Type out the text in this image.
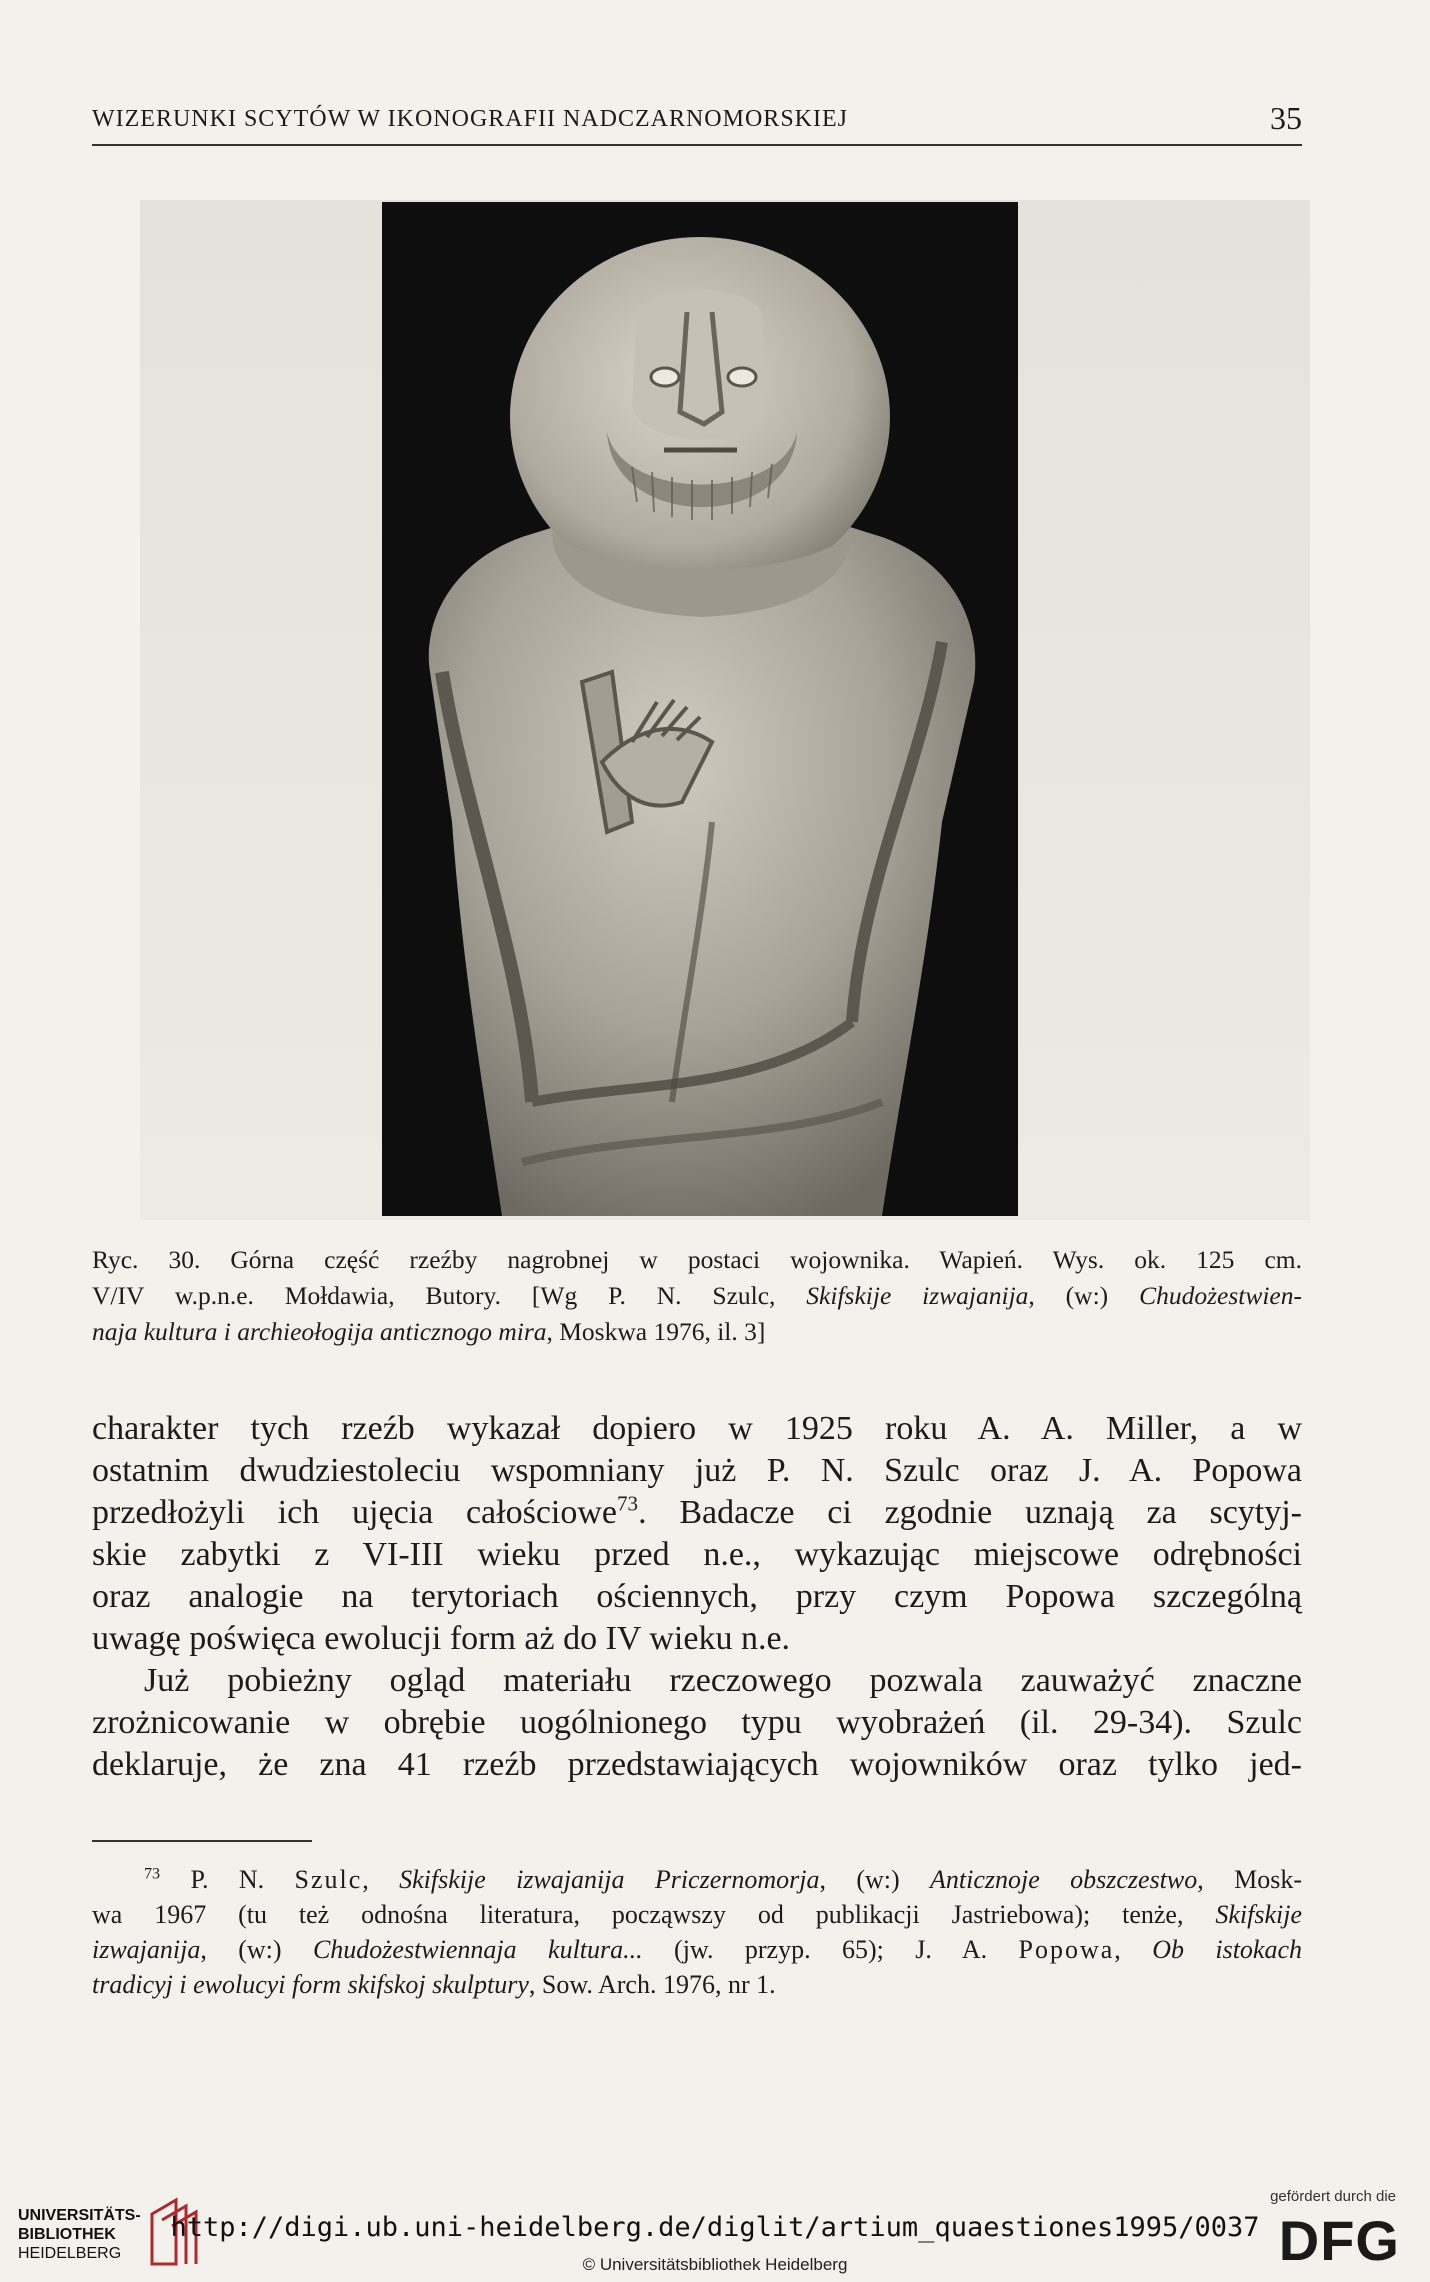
WIZERUNKI SCYTÓW W IKONOGRAFII NADCZARNOMORSKIEJ	35
Ryc. 30. Górna część rzeźby nagrobnej w postaci wojownika. Wapień. Wys. ok. 125 cm.
V/IV w.p.n.e. Mołdawia, Butory. [Wg P. N. Szulc, Skifskije izwajanija, (w:) Chudożestwien-
naja kultura i archieołogija anticznogo mira, Moskwa 1976, il. 3]
charakter tych rzeźb wykazał dopiero w 1925 roku A. A. Miller, a w
ostatnim dwudziestoleciu wspomniany już P. N. Szulc oraz J. A. Popowa
przedłożyli ich ujęcia całościowe$^{73}$. Badacze ci zgodnie uznają za scytyj-
skie zabytki z VI-III wieku przed n.e., wykazując miejscowe odrębności
oraz analogie na terytoriach ościennych, przy czym Popowa szczególną
uwagę poświęca ewolucji form aż do IV wieku n.e.
Już pobieżny ogląd materiału rzeczowego pozwala zauważyć znaczne
zrożnicowanie w obrębie uogólnionego typu wyobrażeń (il. 29-34). Szulc
deklaruje, że zna 41 rzeźb przedstawiających wojowników oraz tylko jed-
$^{73}$ P. N. Szulc, Skifskije izwajanija Priczernomorja, (w:) Anticznoje obszczestwo, Mosk-
wa 1967 (tu też odnośna literatura, począwszy od publikacji Jastriebowa); tenże, Skifskije
izwajanija, (w:) Chudożestwiennaja kultura... (jw. przyp. 65); J. A. Popowa, Ob istokach
tradicyj i ewolucyi form skifskoj skulptury, Sow. Arch. 1976, nr 1.
UNIVERSITÄTS-
BIBLIOTHEK
HEIDELBERG
http://digi.ub.uni-heidelberg.de/diglit/artium_quaestiones1995/0037
© Universitätsbibliothek Heidelberg
gefördert durch die
DFG
